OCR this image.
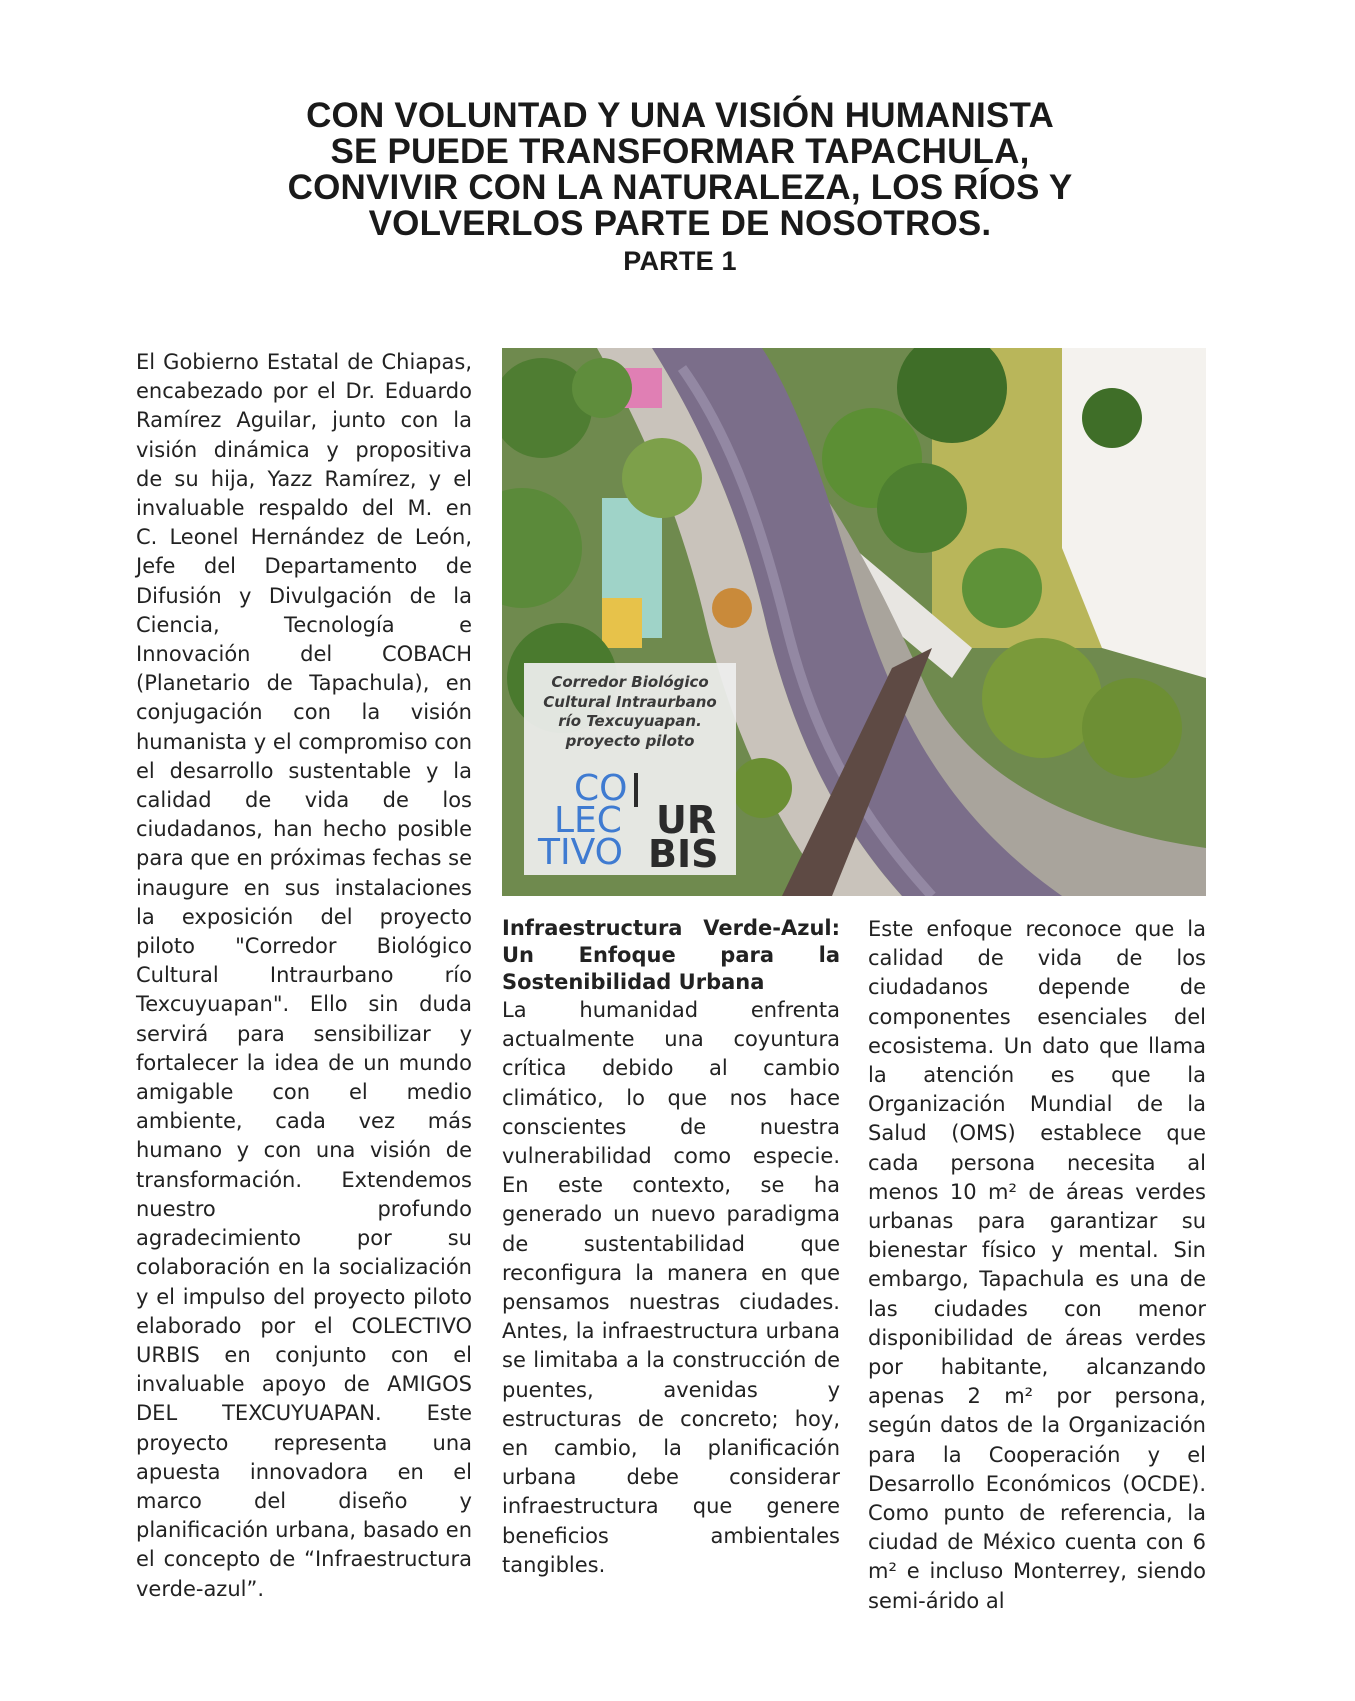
CON VOLUNTAD Y UNA VISIÓN HUMANISTA
SE PUEDE TRANSFORMAR TAPACHULA,
CONVIVIR CON LA NATURALEZA, LOS RÍOS Y
VOLVERLOS PARTE DE NOSOTROS.
PARTE 1

El Gobierno Estatal de Chiapas, encabezado por el Dr. Eduardo Ramírez Aguilar, junto con la visión dinámica y propositiva de su hija, Yazz Ramírez, y el invaluable respaldo del M. en C. Leonel Hernández de León, Jefe del Departamento de Difusión y Divulgación de la Ciencia, Tecnología e Innovación del COBACH (Planetario de Tapachula), en conjugación con la visión humanista y el compromiso con el desarrollo sustentable y la calidad de vida de los ciudadanos, han hecho posible para que en próximas fechas se inaugure en sus instalaciones la exposición del proyecto piloto "Corredor Biológico Cultural Intraurbano río Texcuyuapan". Ello sin duda servirá para sensibilizar y fortalecer la idea de un mundo amigable con el medio ambiente, cada vez más humano y con una visión de transformación. Extendemos nuestro profundo agradecimiento por su colaboración en la socialización y el impulso del proyecto piloto elaborado por el COLECTIVO URBIS en conjunto con el invaluable apoyo de AMIGOS DEL TEXCUYUAPAN. Este proyecto representa una apuesta innovadora en el marco del diseño y planificación urbana, basado en el concepto de “Infraestructura verde-azul”.

Corredor Biológico
Cultural Intraurbano
río Texcuyuapan.
proyecto piloto
CO
LEC
TIVO
UR
BIS

Infraestructura Verde-Azul: Un Enfoque para la Sostenibilidad Urbana

La humanidad enfrenta actualmente una coyuntura crítica debido al cambio climático, lo que nos hace conscientes de nuestra vulnerabilidad como especie. En este contexto, se ha generado un nuevo paradigma de sustentabilidad que reconfigura la manera en que pensamos nuestras ciudades. Antes, la infraestructura urbana se limitaba a la construcción de puentes, avenidas y estructuras de concreto; hoy, en cambio, la planificación urbana debe considerar infraestructura que genere beneficios ambientales tangibles.

Este enfoque reconoce que la calidad de vida de los ciudadanos depende de componentes esenciales del ecosistema. Un dato que llama la atención es que la Organización Mundial de la Salud (OMS) establece que cada persona necesita al menos 10 m² de áreas verdes urbanas para garantizar su bienestar físico y mental. Sin embargo, Tapachula es una de las ciudades con menor disponibilidad de áreas verdes por habitante, alcanzando apenas 2 m² por persona, según datos de la Organización para la Cooperación y el Desarrollo Económicos (OCDE). Como punto de referencia, la ciudad de México cuenta con 6 m² e incluso Monterrey, siendo semi-árido al
